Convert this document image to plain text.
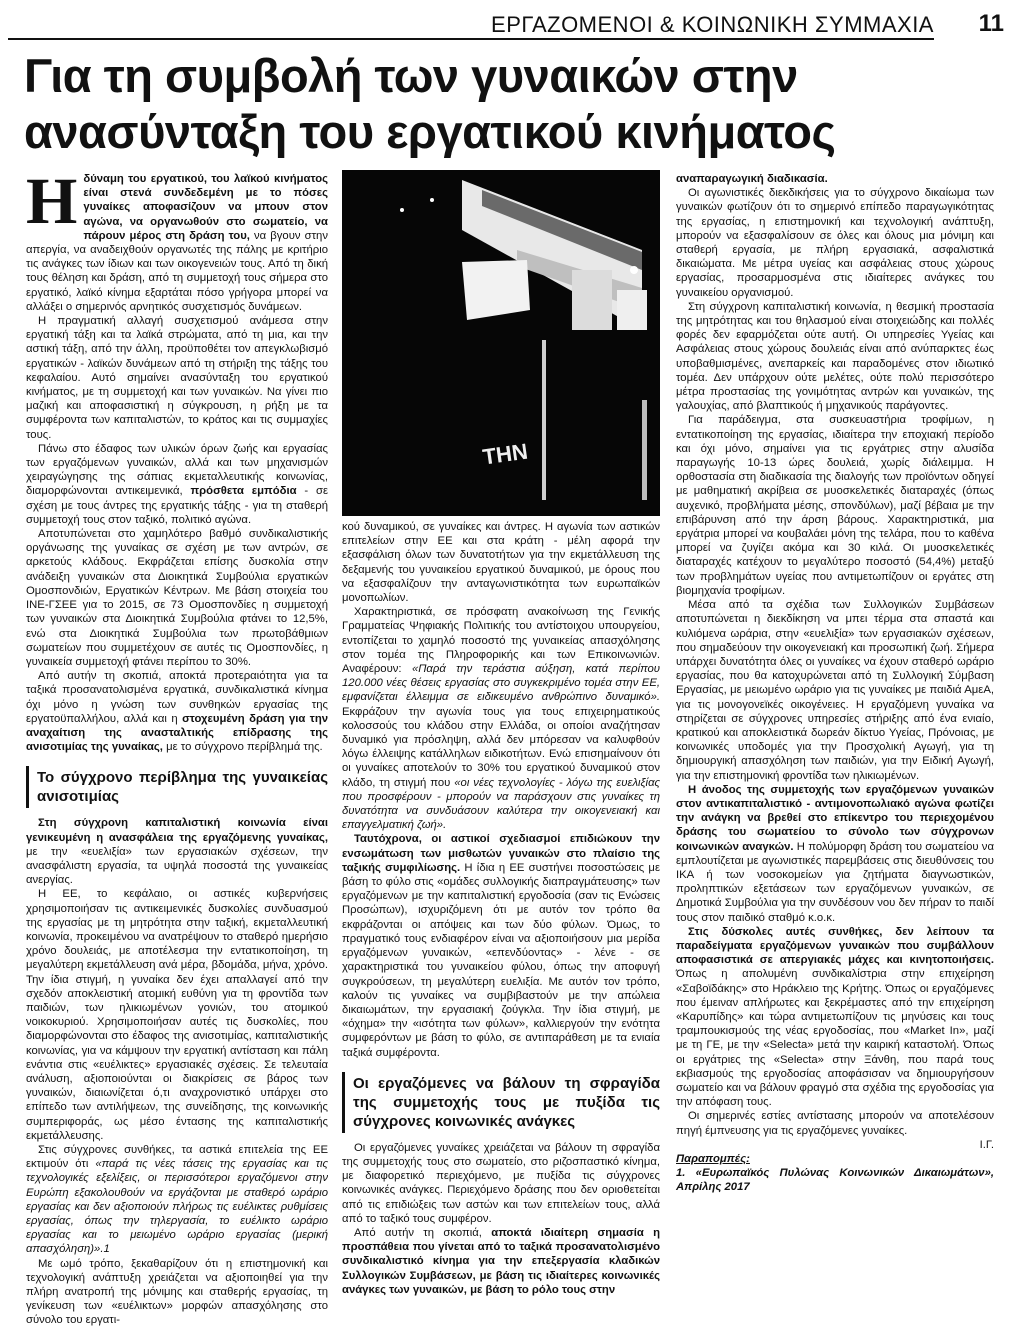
ΕΡΓΑΖΟΜΕΝΟΙ & ΚΟΙΝΩΝΙΚΗ ΣΥΜΜΑΧΙΑ 11
Για τη συμβολή των γυναικών στην ανασύνταξη του εργατικού κινήματος

Η δύναμη του εργατικού, του λαϊκού κινήματος είναι στενά συνδεδεμένη με το πόσες γυναίκες αποφασίζουν να μπουν στον αγώνα, να οργανωθούν στο σωματείο, να πάρουν μέρος στη δράση του, να βγουν στην απεργία, να αναδειχθούν οργανωτές της πάλης με κριτήριο τις ανάγκες των ίδιων και των οικογενειών τους. Από τη δική τους θέληση και δράση, από τη συμμετοχή τους σήμερα στο εργατικό, λαϊκό κίνημα εξαρτάται πόσο γρήγορα μπορεί να αλλάξει ο σημερινός αρνητικός συσχετισμός δυνάμεων.

Η πραγματική αλλαγή συσχετισμού ανάμεσα στην εργατική τάξη και τα λαϊκά στρώματα, από τη μια, και την αστική τάξη, από την άλλη, προϋποθέτει τον απεγκλωβισμό εργατικών - λαϊκών δυνάμεων από τη στήριξη της τάξης του κεφαλαίου. Αυτό σημαίνει ανασύνταξη του εργατικού κινήματος, με τη συμμετοχή και των γυναικών. Να γίνει πιο μαζική και αποφασιστική η σύγκρουση, η ρήξη με τα συμφέροντα των καπιταλιστών, το κράτος και τις συμμαχίες τους.

Πάνω στο έδαφος των υλικών όρων ζωής και εργασίας των εργαζόμενων γυναικών, αλλά και των μηχανισμών χειραγώγησης της σάπιας εκμεταλλευτικής κοινωνίας, διαμορφώνονται αντικειμενικά, πρόσθετα εμπόδια - σε σχέση με τους άντρες της εργατικής τάξης - για τη σταθερή συμμετοχή τους στον ταξικό, πολιτικό αγώνα.

Αποτυπώνεται στο χαμηλότερο βαθμό συνδικαλιστικής οργάνωσης της γυναίκας σε σχέση με των αντρών, σε αρκετούς κλάδους. Εκφράζεται επίσης δυσκολία στην ανάδειξη γυναικών στα Διοικητικά Συμβούλια εργατικών Ομοσπονδιών, Εργατικών Κέντρων. Με βάση στοιχεία του ΙΝΕ-ΓΣΕΕ για το 2015, σε 73 Ομοσπονδίες η συμμετοχή των γυναικών στα Διοικητικά Συμβούλια φτάνει το 12,5%, ενώ στα Διοικητικά Συμβούλια των πρωτοβάθμιων σωματείων που συμμετέχουν σε αυτές τις Ομοσπονδίες, η γυναικεία συμμετοχή φτάνει περίπου το 30%.

Από αυτήν τη σκοπιά, αποκτά προτεραιότητα για τα ταξικά προσανατολισμένα εργατικά, συνδικαλιστικά κίνημα όχι μόνο η γνώση των συνθηκών εργασίας της εργατοϋπαλλήλου, αλλά και η στοχευμένη δράση για την αναχαίτιση της ανασταλτικής επίδρασης της ανισοτιμίας της γυναίκας, με το σύγχρονο περίβλημά της.

Το σύγχρονο περίβλημα της γυναικείας ανισοτιμίας

Στη σύγχρονη καπιταλιστική κοινωνία είναι γενικευμένη η ανασφάλεια της εργαζόμενης γυναίκας, με την «ευελιξία» των εργασιακών σχέσεων, την ανασφάλιστη εργασία, τα υψηλά ποσοστά της γυναικείας ανεργίας.

Η ΕΕ, το κεφάλαιο, οι αστικές κυβερνήσεις χρησιμοποιήσαν τις αντικειμενικές δυσκολίες συνδυασμού της εργασίας με τη μητρότητα στην ταξική, εκμεταλλευτική κοινωνία, προκειμένου να ανατρέψουν το σταθερό ημερήσιο χρόνο δουλειάς, με αποτέλεσμα την εντατικοποίηση, τη μεγαλύτερη εκμετάλλευση ανά μέρα, βδομάδα, μήνα, χρόνο. Την ίδια στιγμή, η γυναίκα δεν έχει απαλλαγεί από την σχεδόν αποκλειστική ατομική ευθύνη για τη φροντίδα των παιδιών, των ηλικιωμένων γονιών, του ατομικού νοικοκυριού. Χρησιμοποιήσαν αυτές τις δυσκολίες, που διαμορφώνονται στο έδαφος της ανισοτιμίας, καπιταλιστικής κοινωνίας, για να κάμψουν την εργατική αντίσταση και πάλη ενάντια στις «ευέλικτες» εργασιακές σχέσεις. Σε τελευταία ανάλυση, αξιοποιούνται οι διακρίσεις σε βάρος των γυναικών, διαιωνίζεται ό,τι αναχρονιστικό υπάρχει στο επίπεδο των αντιλήψεων, της συνείδησης, της κοινωνικής συμπεριφοράς, ως μέσο έντασης της καπιταλιστικής εκμετάλλευσης.

Στις σύγχρονες συνθήκες, τα αστικά επιτελεία της ΕΕ εκτιμούν ότι «παρά τις νέες τάσεις της εργασίας και τις τεχνολογικές εξελίξεις, οι περισσότεροι εργαζόμενοι στην Ευρώπη εξακολουθούν να εργάζονται με σταθερό ωράριο εργασίας και δεν αξιοποιούν πλήρως τις ευέλικτες ρυθμίσεις εργασίας, όπως την τηλεργασία, το ευέλικτο ωράριο εργασίας και το μειωμένο ωράριο εργασίας (μερική απασχόληση)».1

Με ωμό τρόπο, ξεκαθαρίζουν ότι η επιστημονική και τεχνολογική ανάπτυξη χρειάζεται να αξιοποιηθεί για την πλήρη ανατροπή της μόνιμης και σταθερής εργασίας, τη γενίκευση των «ευέλικτων» μορφών απασχόλησης στο σύνολο του εργατι-

ΤΗΝ

κού δυναμικού, σε γυναίκες και άντρες. Η αγωνία των αστικών επιτελείων στην ΕΕ και στα κράτη - μέλη αφορά την εξασφάλιση όλων των δυνατοτήτων για την εκμετάλλευση της δεξαμενής του γυναικείου εργατικού δυναμικού, με όρους που να εξασφαλίζουν την ανταγωνιστικότητα των ευρωπαϊκών μονοπωλίων.

Χαρακτηριστικά, σε πρόσφατη ανακοίνωση της Γενικής Γραμματείας Ψηφιακής Πολιτικής του αντίστοιχου υπουργείου, εντοπίζεται το χαμηλό ποσοστό της γυναικείας απασχόλησης στον τομέα της Πληροφορικής και των Επικοινωνιών. Αναφέρουν: «Παρά την τεράστια αύξηση, κατά περίπου 120.000 νέες θέσεις εργασίας στο συγκεκριμένο τομέα στην ΕΕ, εμφανίζεται έλλειμμα σε ειδικευμένο ανθρώπινο δυναμικό». Εκφράζουν την αγωνία τους για τους επιχειρηματικούς κολοσσούς του κλάδου στην Ελλάδα, οι οποίοι αναζήτησαν δυναμικό για πρόσληψη, αλλά δεν μπόρεσαν να καλυφθούν λόγω έλλειψης κατάλληλων ειδικοτήτων. Ενώ επισημαίνουν ότι οι γυναίκες αποτελούν το 30% του εργατικού δυναμικού στον κλάδο, τη στιγμή που «οι νέες τεχνολογίες - λόγω της ευελιξίας που προσφέρουν - μπορούν να παράσχουν στις γυναίκες τη δυνατότητα να συνδυάσουν καλύτερα την οικογενειακή και επαγγελματική ζωή».

Ταυτόχρονα, οι αστικοί σχεδιασμοί επιδιώκουν την ενσωμάτωση των μισθωτών γυναικών στο πλαίσιο της ταξικής συμφιλίωσης. Η ίδια η ΕΕ συστήνει ποσοστώσεις με βάση το φύλο στις «ομάδες συλλογικής διαπραγμάτευσης» των εργαζόμενων με την καπιταλιστική εργοδοσία (σαν τις Ενώσεις Προσώπων), ισχυριζόμενη ότι με αυτόν τον τρόπο θα εκφράζονται οι απόψεις και των δύο φύλων. Όμως, το πραγματικό τους ενδιαφέρον είναι να αξιοποιήσουν μια μερίδα εργαζόμενων γυναικών, «επενδύοντας» - λένε - σε χαρακτηριστικά του γυναικείου φύλου, όπως την αποφυγή συγκρούσεων, τη μεγαλύτερη ευελιξία. Με αυτόν τον τρόπο, καλούν τις γυναίκες να συμβιβαστούν με την απώλεια δικαιωμάτων, την εργασιακή ζούγκλα. Την ίδια στιγμή, με «όχημα» την «ισότητα των φύλων», καλλιεργούν την ενότητα συμφερόντων με βάση το φύλο, σε αντιπαράθεση με τα ενιαία ταξικά συμφέροντα.

Οι εργαζόμενες να βάλουν τη σφραγίδα της συμμετοχής τους με πυξίδα τις σύγχρονες κοινωνικές ανάγκες

Οι εργαζόμενες γυναίκες χρειάζεται να βάλουν τη σφραγίδα της συμμετοχής τους στο σωματείο, στο ριζοσπαστικό κίνημα, με διαφορετικό περιεχόμενο, με πυξίδα τις σύγχρονες κοινωνικές ανάγκες. Περιεχόμενο δράσης που δεν οριοθετείται από τις επιδιώξεις των αστών και των επιτελείων τους, αλλά από το ταξικό τους συμφέρον.

Από αυτήν τη σκοπιά, αποκτά ιδιαίτερη σημασία η προσπάθεια που γίνεται από το ταξικά προσανατολισμένο συνδικαλιστικό κίνημα για την επεξεργασία κλαδικών Συλλογικών Συμβάσεων, με βάση τις ιδιαίτερες κοινωνικές ανάγκες των γυναικών, με βάση το ρόλο τους στην

αναπαραγωγική διαδικασία.

Οι αγωνιστικές διεκδικήσεις για το σύγχρονο δικαίωμα των γυναικών φωτίζουν ότι το σημερινό επίπεδο παραγωγικότητας της εργασίας, η επιστημονική και τεχνολογική ανάπτυξη, μπορούν να εξασφαλίσουν σε όλες και όλους μια μόνιμη και σταθερή εργασία, με πλήρη εργασιακά, ασφαλιστικά δικαιώματα. Με μέτρα υγείας και ασφάλειας στους χώρους εργασίας, προσαρμοσμένα στις ιδιαίτερες ανάγκες του γυναικείου οργανισμού.

Στη σύγχρονη καπιταλιστική κοινωνία, η θεσμική προστασία της μητρότητας και του θηλασμού είναι στοιχειώδης και πολλές φορές δεν εφαρμόζεται ούτε αυτή. Οι υπηρεσίες Υγείας και Ασφάλειας στους χώρους δουλειάς είναι από ανύπαρκτες έως υποβαθμισμένες, ανεπαρκείς και παραδομένες στον ιδιωτικό τομέα. Δεν υπάρχουν ούτε μελέτες, ούτε πολύ περισσότερο μέτρα προστασίας της γονιμότητας αντρών και γυναικών, της γαλουχίας, από βλαπτικούς ή μηχανικούς παράγοντες.

Για παράδειγμα, στα συσκευαστήρια τροφίμων, η εντατικοποίηση της εργασίας, ιδιαίτερα την εποχιακή περίοδο και όχι μόνο, σημαίνει για τις εργάτριες στην αλυσίδα παραγωγής 10-13 ώρες δουλειά, χωρίς διάλειμμα. Η ορθοστασία στη διαδικασία της διαλογής των προϊόντων οδηγεί με μαθηματική ακρίβεια σε μυοσκελετικές διαταραχές (όπως αυχενικό, προβλήματα μέσης, σπονδύλων), μαζί βέβαια με την επιβάρυνση από την άρση βάρους. Χαρακτηριστικά, μια εργάτρια μπορεί να κουβαλάει μόνη της τελάρα, που το καθένα μπορεί να ζυγίζει ακόμα και 30 κιλά. Οι μυοσκελετικές διαταραχές κατέχουν το μεγαλύτερο ποσοστό (54,4%) μεταξύ των προβλημάτων υγείας που αντιμετωπίζουν οι εργάτες στη βιομηχανία τροφίμων.

Μέσα από τα σχέδια των Συλλογικών Συμβάσεων αποτυπώνεται η διεκδίκηση να μπει τέρμα στα σπαστά και κυλιόμενα ωράρια, στην «ευελιξία» των εργασιακών σχέσεων, που σημαδεύουν την οικογενειακή και προσωπική ζωή. Σήμερα υπάρχει δυνατότητα όλες οι γυναίκες να έχουν σταθερό ωράριο εργασίας, που θα κατοχυρώνεται από τη Συλλογική Σύμβαση Εργασίας, με μειωμένο ωράριο για τις γυναίκες με παιδιά ΑμεΑ, για τις μονογονεϊκές οικογένειες. Η εργαζόμενη γυναίκα να στηρίζεται σε σύγχρονες υπηρεσίες στήριξης από ένα ενιαίο, κρατικού και αποκλειστικά δωρεάν δίκτυο Υγείας, Πρόνοιας, με κοινωνικές υποδομές για την Προσχολική Αγωγή, για τη δημιουργική απασχόληση των παιδιών, για την Ειδική Αγωγή, για την επιστημονική φροντίδα των ηλικιωμένων.

Η άνοδος της συμμετοχής των εργαζόμενων γυναικών στον αντικαπιταλιστικό - αντιμονοπωλιακό αγώνα φωτίζει την ανάγκη να βρεθεί στο επίκεντρο του περιεχομένου δράσης του σωματείου το σύνολο των σύγχρονων κοινωνικών αναγκών. Η πολύμορφη δράση του σωματείου να εμπλουτίζεται με αγωνιστικές παρεμβάσεις στις διευθύνσεις του ΙΚΑ ή των νοσοκομείων για ζητήματα διαγνωστικών, προληπτικών εξετάσεων των εργαζόμενων γυναικών, σε Δημοτικά Συμβούλια για την συνδέσουν νου δεν πήραν το παιδί τους στον παιδικό σταθμό κ.ο.κ.

Στις δύσκολες αυτές συνθήκες, δεν λείπουν τα παραδείγματα εργαζόμενων γυναικών που συμβάλλουν αποφασιστικά σε απεργιακές μάχες και κινητοποιήσεις. Όπως η απολυμένη συνδικαλίστρια στην επιχείρηση «Σαβοϊδάκης» στο Ηράκλειο της Κρήτης. Όπως οι εργαζόμενες που έμειναν απλήρωτες και ξεκρέμαστες από την επιχείρηση «Καρυπίδης» και τώρα αντιμετωπίζουν τις μηνύσεις και τους τραμπουκισμούς της νέας εργοδοσίας, που «Market In», μαζί με τη ΓΕ, με την «Selecta» μετά την καιρική καταστολή. Όπως οι εργάτριες της «Selecta» στην Ξάνθη, που παρά τους εκβιασμούς της εργοδοσίας αποφάσισαν να δημιουργήσουν σωματείο και να βάλουν φραγμό στα σχέδια της εργοδοσίας για την απόφαση τους.

Οι σημερινές εστίες αντίστασης μπορούν να αποτελέσουν πηγή έμπνευσης για τις εργαζόμενες γυναίκες.

Ι.Γ.

Παραπομπές:

1. «Ευρωπαϊκός Πυλώνας Κοινωνικών Δικαιωμάτων», Απρίλης 2017
